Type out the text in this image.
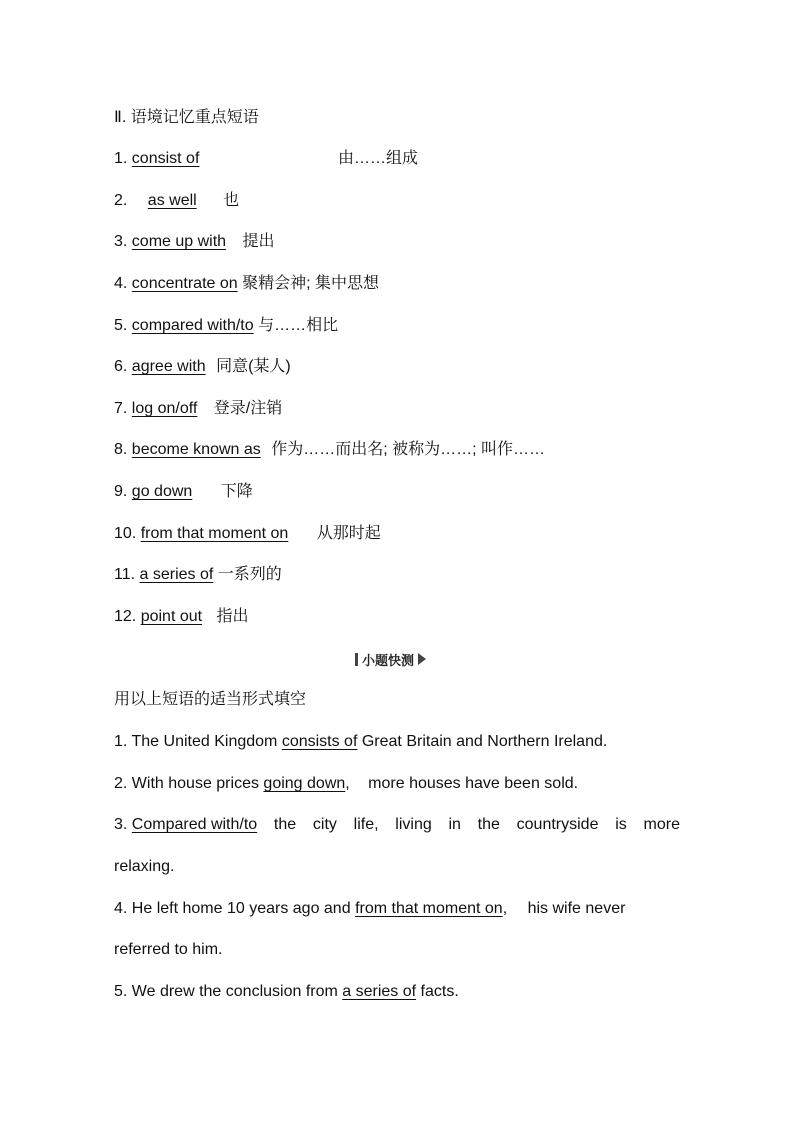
Ⅱ. 语境记忆重点短语
1. consist of	由……组成
2. as well 也
3. come up with 提出
4. concentrate on 聚精会神; 集中思想
5. compared with/to 与……相比
6. agree with 同意(某人)
7. log on/off 登录/注销
8. become known as 作为……而出名; 被称为……; 叫作……
9. go down 下降
10. from that moment on 从那时起
11. a series of 一系列的
12. point out 指出
小题快测
用以上短语的适当形式填空
1. The United Kingdom consists of Great Britain and Northern Ireland.
2. With house prices going down, more houses have been sold.
3. Compared with/to the city life, living in the countryside is more
relaxing.
4. He left home 10 years ago and from that moment on, his wife never
referred to him.
5. We drew the conclusion from a series of facts.
